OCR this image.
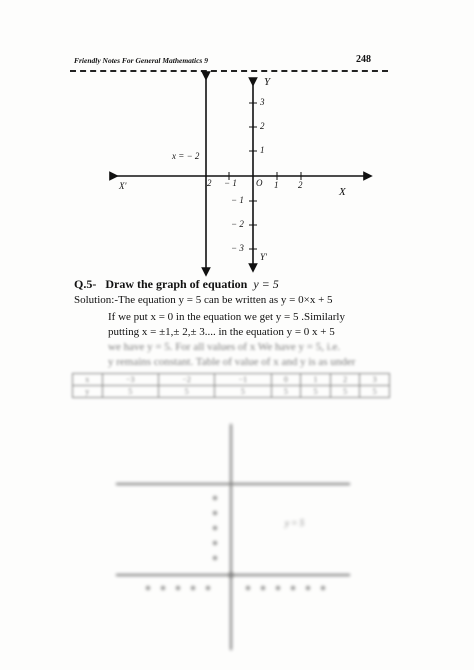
Friendly Notes For General Mathematics 9	248
Y
Y'
X
X'
x = − 2
3
2
1
− 1
− 2
− 3
2 − 1 O 1 2
Q.5- Draw the graph of equation y = 5
Solution:-The equation y = 5 can be written as y = 0×x + 5
If we put x = 0 in the equation we get y = 5 .Similarly
putting x = ±1,± 2,± 3.... in the equation y = 0 x + 5
we have y = 5. For all values of x We have y = 5, i.e.
y remains constant. Table of value of x and y is as under
x	−3	−2	−1	0	1	2	3
y	5	5	5	5	5	5	5
y = 5
